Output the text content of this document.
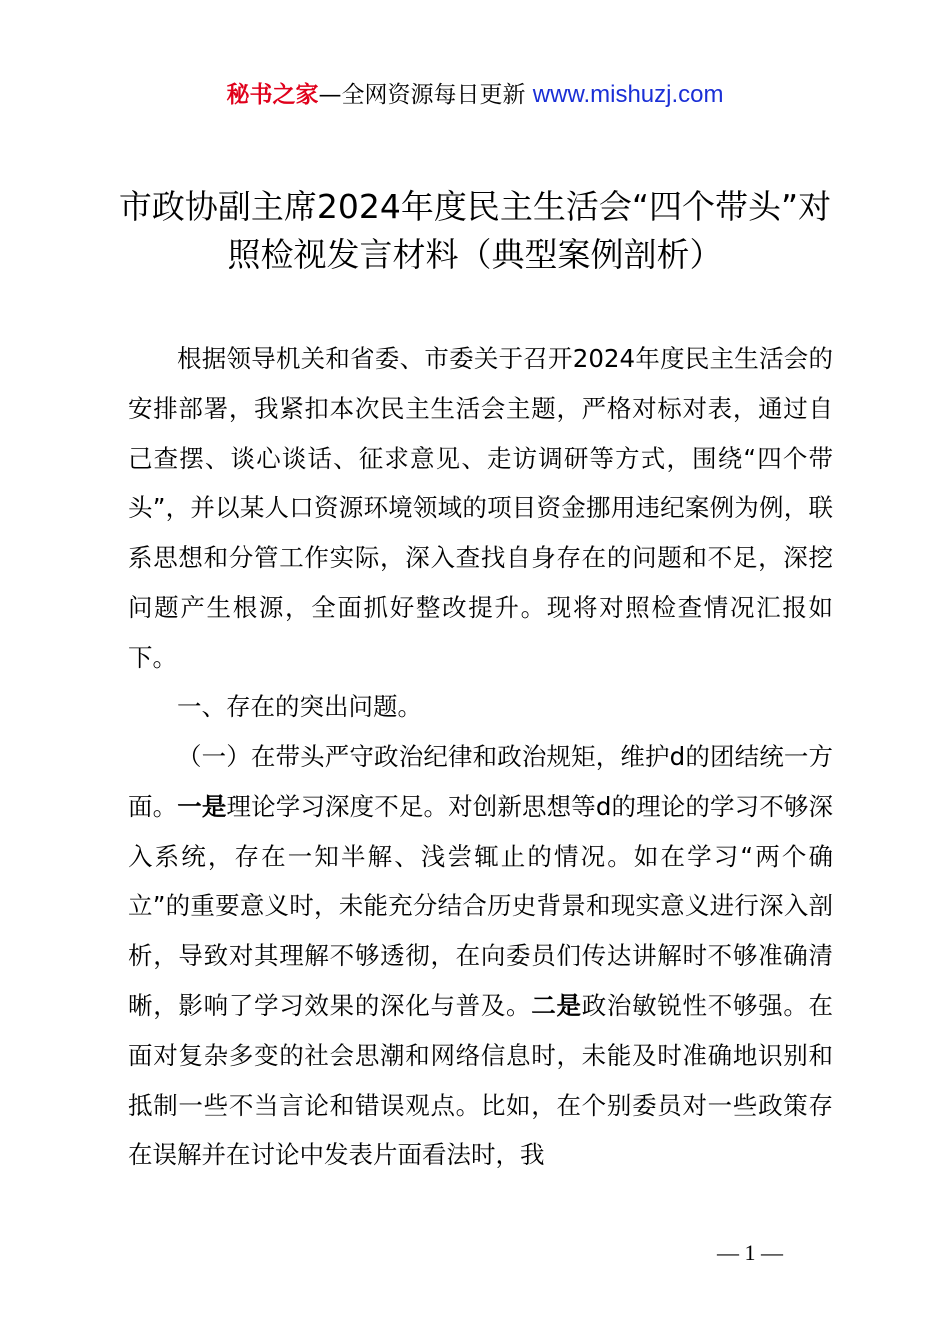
秘书之家—全网资源每日更新 www.mishuzj.com
市政协副主席2024年度民主生活会“四个带头”对照检视发言材料（典型案例剖析）

根据领导机关和省委、市委关于召开2024年度民主生活会的安排部署，我紧扣本次民主生活会主题，严格对标对表，通过自己查摆、谈心谈话、征求意见、走访调研等方式，围绕“四个带头”，并以某人口资源环境领域的项目资金挪用违纪案例为例，联系思想和分管工作实际，深入查找自身存在的问题和不足，深挖问题产生根源，全面抓好整改提升。现将对照检查情况汇报如下。

一、存在的突出问题。

（一）在带头严守政治纪律和政治规矩，维护d的团结统一方面。一是理论学习深度不足。对创新思想等d的理论的学习不够深入系统，存在一知半解、浅尝辄止的情况。如在学习“两个确立”的重要意义时，未能充分结合历史背景和现实意义进行深入剖析，导致对其理解不够透彻，在向委员们传达讲解时不够准确清晰，影响了学习效果的深化与普及。二是政治敏锐性不够强。在面对复杂多变的社会思潮和网络信息时，未能及时准确地识别和抵制一些不当言论和错误观点。比如，在个别委员对一些政策存在误解并在讨论中发表片面看法时，我

— 1 —
